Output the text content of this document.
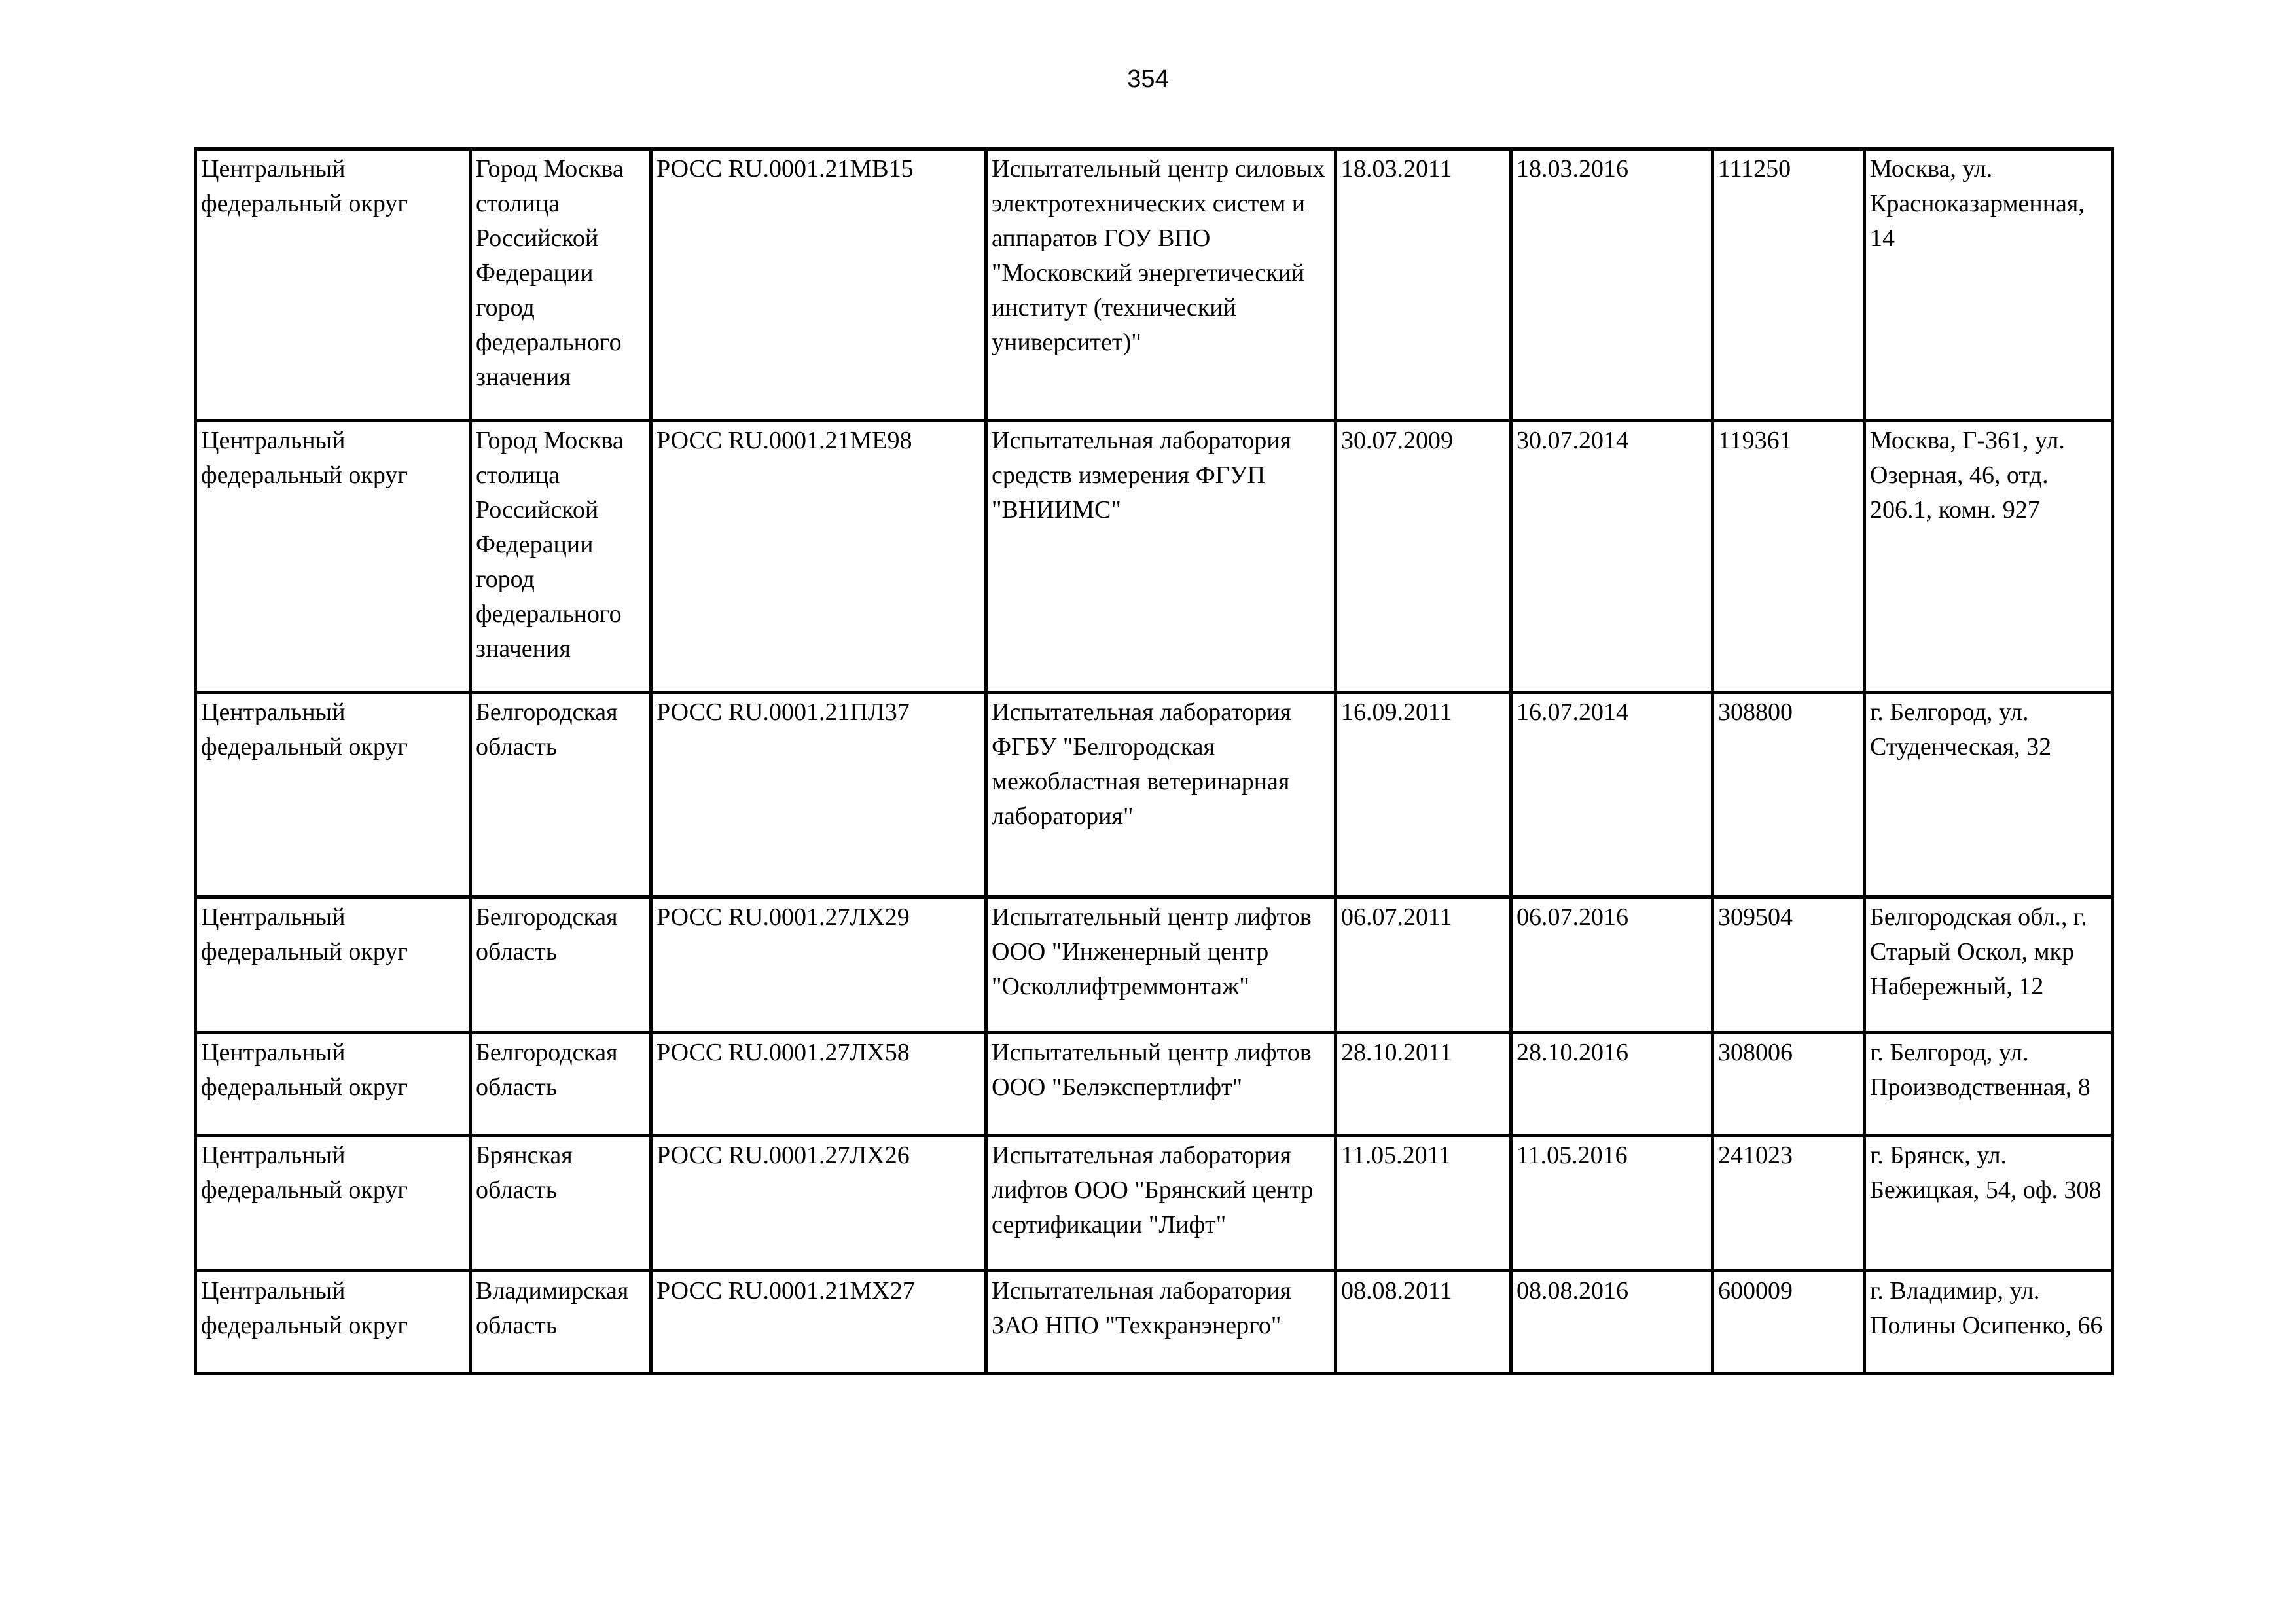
354
Центральный федеральный округ	Город Москва столица Российской Федерации город федерального значения	РОСС RU.0001.21МВ15	Испытательный центр силовых электротехнических систем и аппаратов ГОУ ВПО "Московский энергетический институт (технический университет)"	18.03.2011	18.03.2016	111250	Москва, ул. Красноказарменная, 14
Центральный федеральный округ	Город Москва столица Российской Федерации город федерального значения	РОСС RU.0001.21МЕ98	Испытательная лаборатория средств измерения ФГУП "ВНИИМС"	30.07.2009	30.07.2014	119361	Москва, Г-361, ул. Озерная, 46, отд. 206.1, комн. 927
Центральный федеральный округ	Белгородская область	РОСС RU.0001.21ПЛ37	Испытательная лаборатория ФГБУ "Белгородская межобластная ветеринарная лаборатория"	16.09.2011	16.07.2014	308800	г. Белгород, ул. Студенческая, 32
Центральный федеральный округ	Белгородская область	РОСС RU.0001.27ЛХ29	Испытательный центр лифтов ООО "Инженерный центр "Осколлифтреммонтаж"	06.07.2011	06.07.2016	309504	Белгородская обл., г. Старый Оскол, мкр Набережный, 12
Центральный федеральный округ	Белгородская область	РОСС RU.0001.27ЛХ58	Испытательный центр лифтов ООО "Белэкспертлифт"	28.10.2011	28.10.2016	308006	г. Белгород, ул. Производственная, 8
Центральный федеральный округ	Брянская область	РОСС RU.0001.27ЛХ26	Испытательная лаборатория лифтов ООО "Брянский центр сертификации "Лифт"	11.05.2011	11.05.2016	241023	г. Брянск, ул. Бежицкая, 54, оф. 308
Центральный федеральный округ	Владимирская область	РОСС RU.0001.21МХ27	Испытательная лаборатория ЗАО НПО "Техкранэнерго"	08.08.2011	08.08.2016	600009	г. Владимир, ул. Полины Осипенко, 66
